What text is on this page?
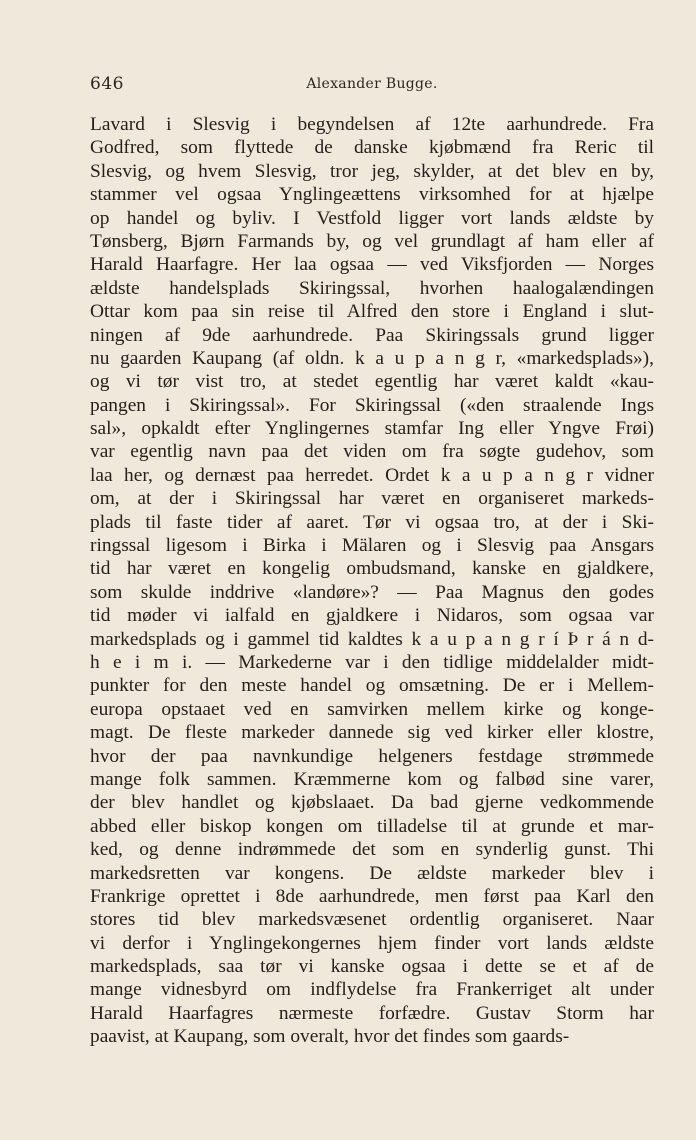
646	Alexander Bugge.
Lavard i Slesvig i begyndelsen af 12te aarhundrede. Fra
Godfred, som flyttede de danske kjøbmænd fra Reric til
Slesvig, og hvem Slesvig, tror jeg, skylder, at det blev en by,
stammer vel ogsaa Ynglingeættens virksomhed for at hjælpe
op handel og byliv. I Vestfold ligger vort lands ældste by
Tønsberg, Bjørn Farmands by, og vel grundlagt af ham eller af
Harald Haarfagre. Her laa ogsaa — ved Viksfjorden — Norges
ældste handelsplads Skiringssal, hvorhen haalogalændingen
Ottar kom paa sin reise til Alfred den store i England i slut-
ningen af 9de aarhundrede. Paa Skiringssals grund ligger
nu gaarden Kaupang (af oldn. k a u p a n g r, «markedsplads»),
og vi tør vist tro, at stedet egentlig har været kaldt «kau-
pangen i Skiringssal». For Skiringssal («den straalende Ings
sal», opkaldt efter Ynglingernes stamfar Ing eller Yngve Frøi)
var egentlig navn paa det viden om fra søgte gudehov, som
laa her, og dernæst paa herredet. Ordet k a u p a n g r vidner
om, at der i Skiringssal har været en organiseret markeds-
plads til faste tider af aaret. Tør vi ogsaa tro, at der i Ski-
ringssal ligesom i Birka i Mälaren og i Slesvig paa Ansgars
tid har været en kongelig ombudsmand, kanske en gjaldkere,
som skulde inddrive «landøre»? — Paa Magnus den godes
tid møder vi ialfald en gjaldkere i Nidaros, som ogsaa var
markedsplads og i gammel tid kaldtes k a u p a n g r í Þ r á n d-
h e i m i. — Markederne var i den tidlige middelalder midt-
punkter for den meste handel og omsætning. De er i Mellem-
europa opstaaet ved en samvirken mellem kirke og konge-
magt. De fleste markeder dannede sig ved kirker eller klostre,
hvor der paa navnkundige helgeners festdage strømmede
mange folk sammen. Kræmmerne kom og falbød sine varer,
der blev handlet og kjøbslaaet. Da bad gjerne vedkommende
abbed eller biskop kongen om tilladelse til at grunde et mar-
ked, og denne indrømmede det som en synderlig gunst. Thi
markedsretten var kongens. De ældste markeder blev i
Frankrige oprettet i 8de aarhundrede, men først paa Karl den
stores tid blev markedsvæsenet ordentlig organiseret. Naar
vi derfor i Ynglingekongernes hjem finder vort lands ældste
markedsplads, saa tør vi kanske ogsaa i dette se et af de
mange vidnesbyrd om indflydelse fra Frankerriget alt under
Harald Haarfagres nærmeste forfædre. Gustav Storm har
paavist, at Kaupang, som overalt, hvor det findes som gaards-
